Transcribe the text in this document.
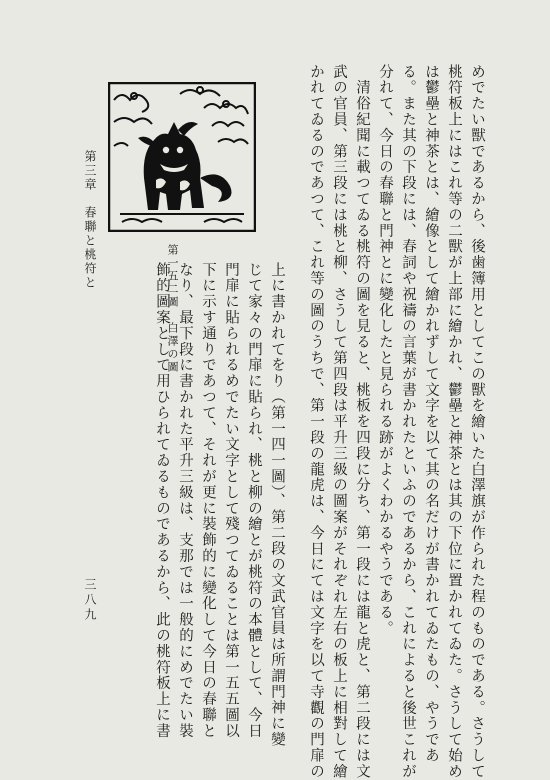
第三章　春聯と桃符と
第一五二圖　白澤の圖	めでたい獸であるから、後歯簿用としてこの獸を繪いた白澤旗が作られた程のものである。さうして
桃符板上にはこれ等の二獸が上部に繪かれ、鬱壘と神茶とは其の下位に置かれてゐた。さうして始め
は鬱壘と神茶とは、繪像として繪かれずして文字を以て其の名だけが書かれてゐたもの、やうであ
る。また其の下段には、春詞や祝禱の言葉が書かれたといふのであるから、これによると後世これが
分れて、今日の春聯と門神とに變化したと見られる跡がよくわかるやうである。
　清俗紀聞に載つてゐる桃符の圖を見ると、桃板を四段に分ち、第一段には龍と虎と、第二段には文
武の官員、第三段には桃と柳、さうして第四段は平升三級の圖案がそれぞれ左右の板上に相對して繪
かれてゐるのであつて、これ等の圖のうちで、第一段の龍虎は、今日にては文字を以て寺觀の門扉の
上に書かれてをり（第一四一圖）、第二段の文武官員は所謂門神に變
じて家々の門扉に貼られ、桃と柳の繪とが桃符の本體として、今日
門扉に貼られるめでたい文字として殘つてゐることは第一五五圖以
下に示す通りであつて、それが更に裝飾的に變化して今日の春聯と
なり、最下段に書かれた平升三級は、支那では一般的にめでたい裝
飾的圖案として用ひられてゐるものであるから、此の桃符板上に書
三八九
